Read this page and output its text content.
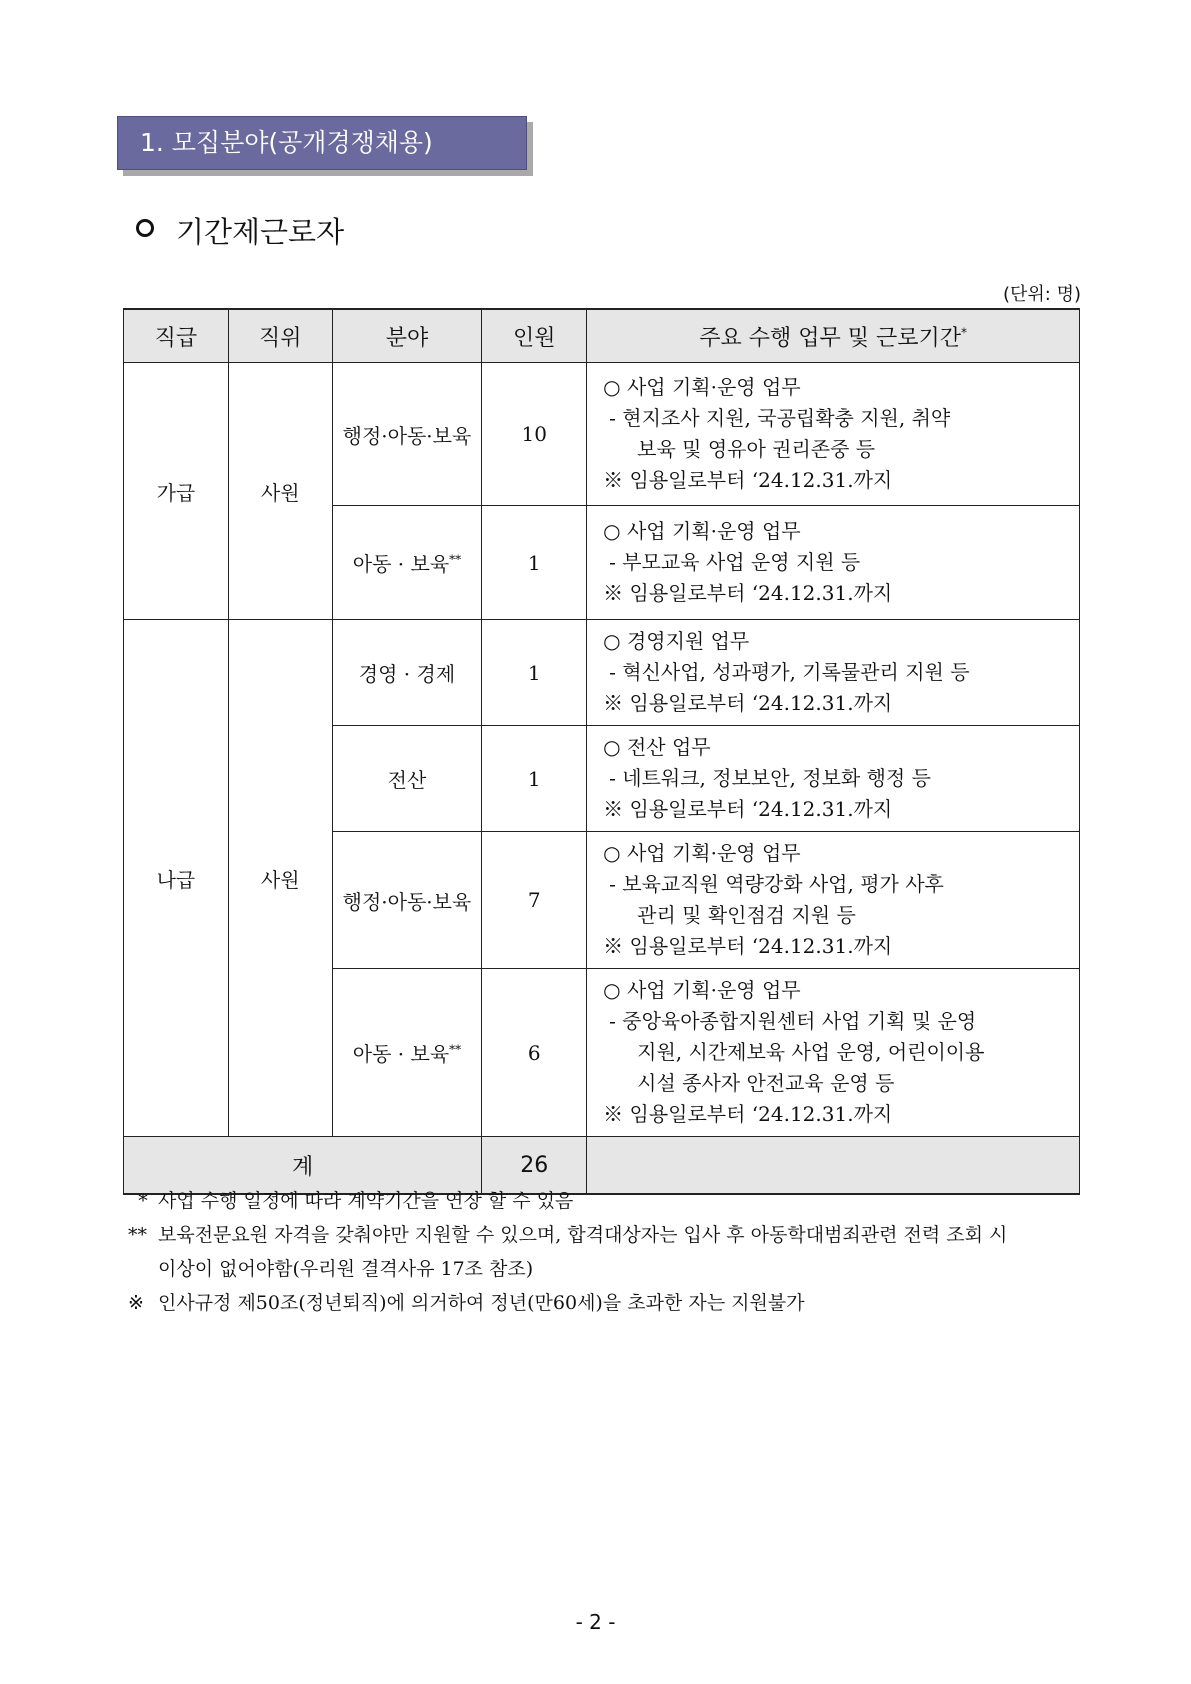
1. 모집분야(공개경쟁채용)
기간제근로자
(단위: 명)
직급	직위	분야	인원	주요 수행 업무 및 근로기간*
가급	사원	행정·아동·보육	10	○ 사업 기획·운영 업무
- 현지조사 지원, 국공립확충 지원, 취약
보육 및 영유아 권리존중 등
※ 임용일로부터 ‘24.12.31.까지

		아동 · 보육**	1	○ 사업 기획·운영 업무
- 부모교육 사업 운영 지원 등
※ 임용일로부터 ‘24.12.31.까지

나급	사원	경영 · 경제	1	○ 경영지원 업무
- 혁신사업, 성과평가, 기록물관리 지원 등
※ 임용일로부터 ‘24.12.31.까지

		전산	1	○ 전산 업무
- 네트워크, 정보보안, 정보화 행정 등
※ 임용일로부터 ‘24.12.31.까지

		행정·아동·보육	7	○ 사업 기획·운영 업무
- 보육교직원 역량강화 사업, 평가 사후
관리 및 확인점검 지원 등
※ 임용일로부터 ‘24.12.31.까지

		아동 · 보육**	6	○ 사업 기획·운영 업무
- 중앙육아종합지원센터 사업 기획 및 운영
지원, 시간제보육 사업 운영, 어린이이용
시설 종사자 안전교육 운영 등
※ 임용일로부터 ‘24.12.31.까지

계			26	
* 사업 수행 일정에 따라 계약기간을 연장 할 수 있음
** 보육전문요원 자격을 갖춰야만 지원할 수 있으며, 합격대상자는 입사 후 아동학대범죄관련 전력 조회 시
이상이 없어야함(우리원 결격사유 17조 참조)
※ 인사규정 제50조(정년퇴직)에 의거하여 정년(만60세)을 초과한 자는 지원불가
- 2 -
